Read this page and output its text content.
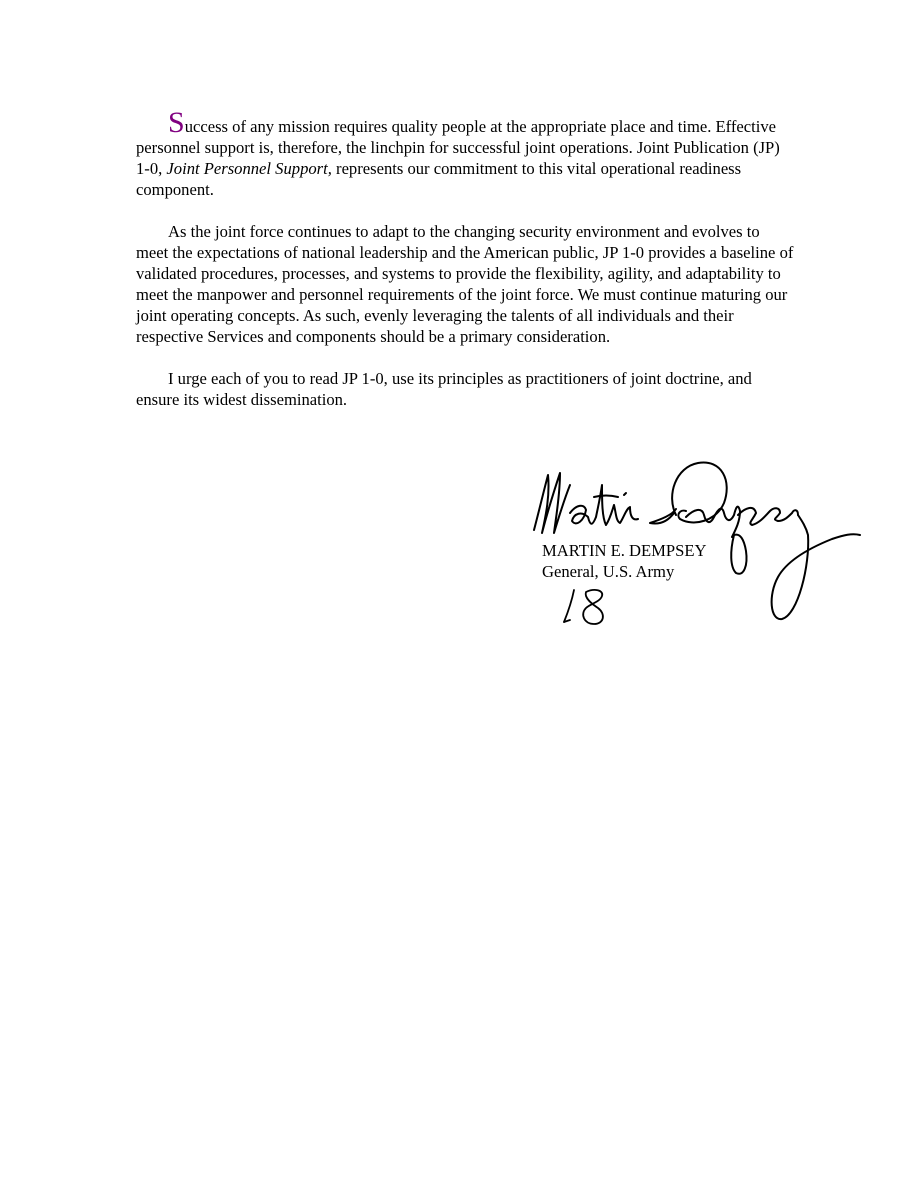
Success of any mission requires quality people at the appropriate place and time. Effective personnel support is, therefore, the linchpin for successful joint operations. Joint Publication (JP) 1-0, Joint Personnel Support, represents our commitment to this vital operational readiness component.

As the joint force continues to adapt to the changing security environment and evolves to meet the expectations of national leadership and the American public, JP 1-0 provides a baseline of validated procedures, processes, and systems to provide the flexibility, agility, and adaptability to meet the manpower and personnel requirements of the joint force. We must continue maturing our joint operating concepts. As such, evenly leveraging the talents of all individuals and their respective Services and components should be a primary consideration.

I urge each of you to read JP 1-0, use its principles as practitioners of joint doctrine, and ensure its widest dissemination.

MARTIN E. DEMPSEY
General, U.S. Army
